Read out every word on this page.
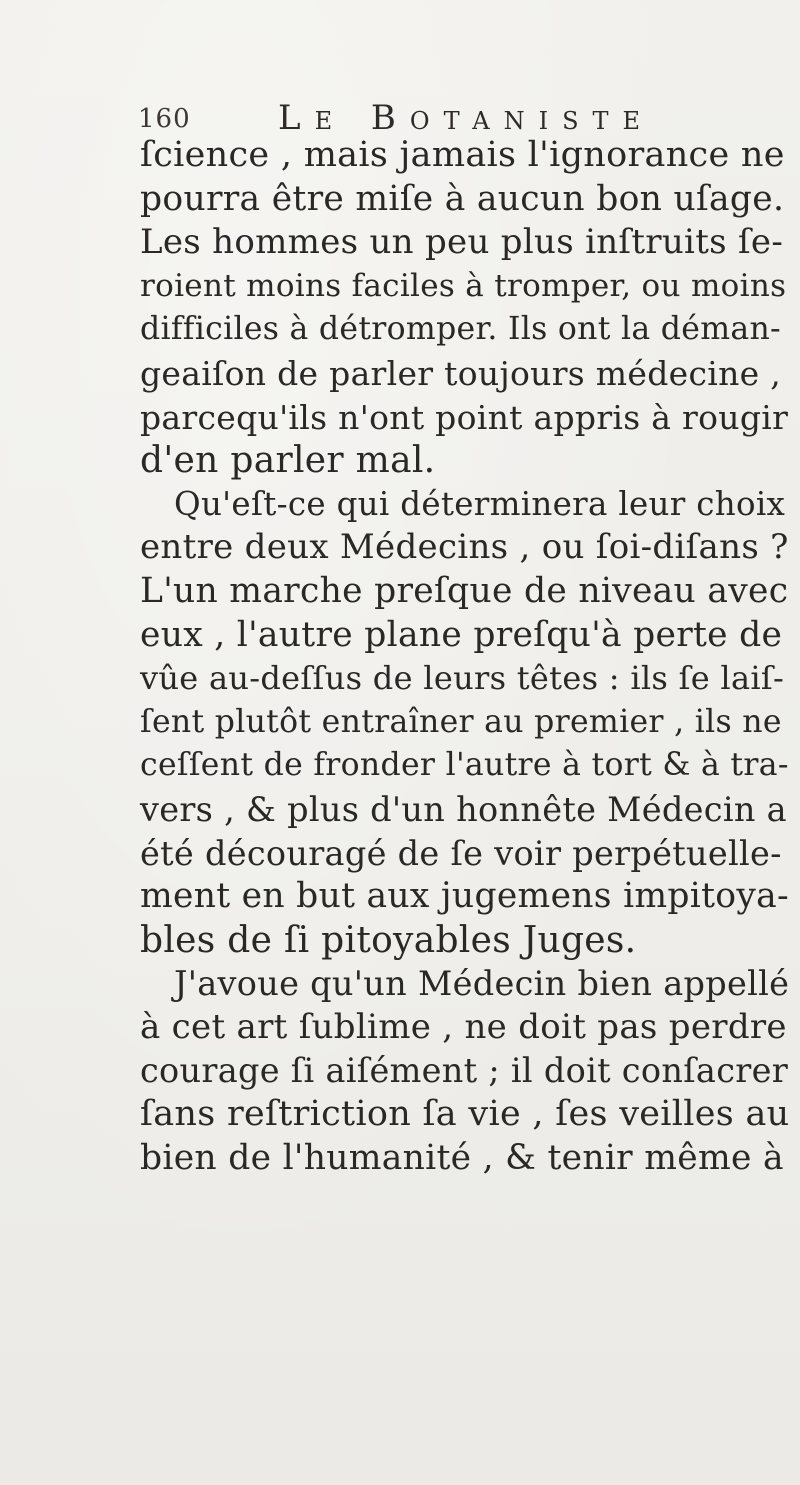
160	Le Botaniste
ſcience , mais jamais l'ignorance ne
pourra être miſe à aucun bon uſage.
Les hommes un peu plus inſtruits ſe-
roient moins faciles à tromper, ou moins
difficiles à détromper. Ils ont la déman-
geaiſon de parler toujours médecine ,
parcequ'ils n'ont point appris à rougir
d'en parler mal.
Qu'eſt-ce qui déterminera leur choix
entre deux Médecins , ou ſoi-diſans ?
L'un marche preſque de niveau avec
eux , l'autre plane preſqu'à perte de
vûe au-deſſus de leurs têtes : ils ſe laiſ-
ſent plutôt entraîner au premier , ils ne
ceſſent de fronder l'autre à tort & à tra-
vers , & plus d'un honnête Médecin a
été découragé de ſe voir perpétuelle-
ment en but aux jugemens impitoya-
bles de ſi pitoyables Juges.
J'avoue qu'un Médecin bien appellé
à cet art ſublime , ne doit pas perdre
courage ſi aiſément ; il doit conſacrer
ſans reſtriction ſa vie , ſes veilles au
bien de l'humanité , & tenir même à
